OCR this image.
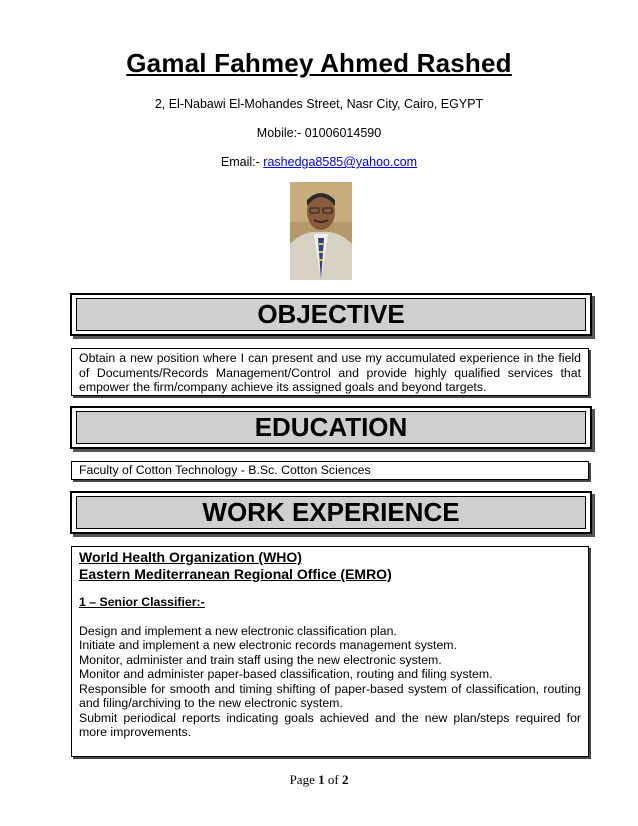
Gamal Fahmey Ahmed Rashed
2, El-Nabawi El-Mohandes Street, Nasr City, Cairo, EGYPT
Mobile:- 01006014590
Email:- rashedga8585@yahoo.com
OBJECTIVE

Obtain a new position where I can present and use my accumulated experience in the field of Documents/Records Management/Control and provide highly qualified services that empower the firm/company achieve its assigned goals and beyond targets.

EDUCATION

Faculty of Cotton Technology - B.Sc. Cotton Sciences

WORK EXPERIENCE

World Health Organization (WHO)

Eastern Mediterranean Regional Office (EMRO)

1 – Senior Classifier:-

Design and implement a new electronic classification plan.

Initiate and implement a new electronic records management system.

Monitor, administer and train staff using the new electronic system.

Monitor and administer paper-based classification, routing and filing system.

Responsible for smooth and timing shifting of paper-based system of classification, routing and filing/archiving to the new electronic system.

Submit periodical reports indicating goals achieved and the new plan/steps required for more improvements.

Page 1 of 2
